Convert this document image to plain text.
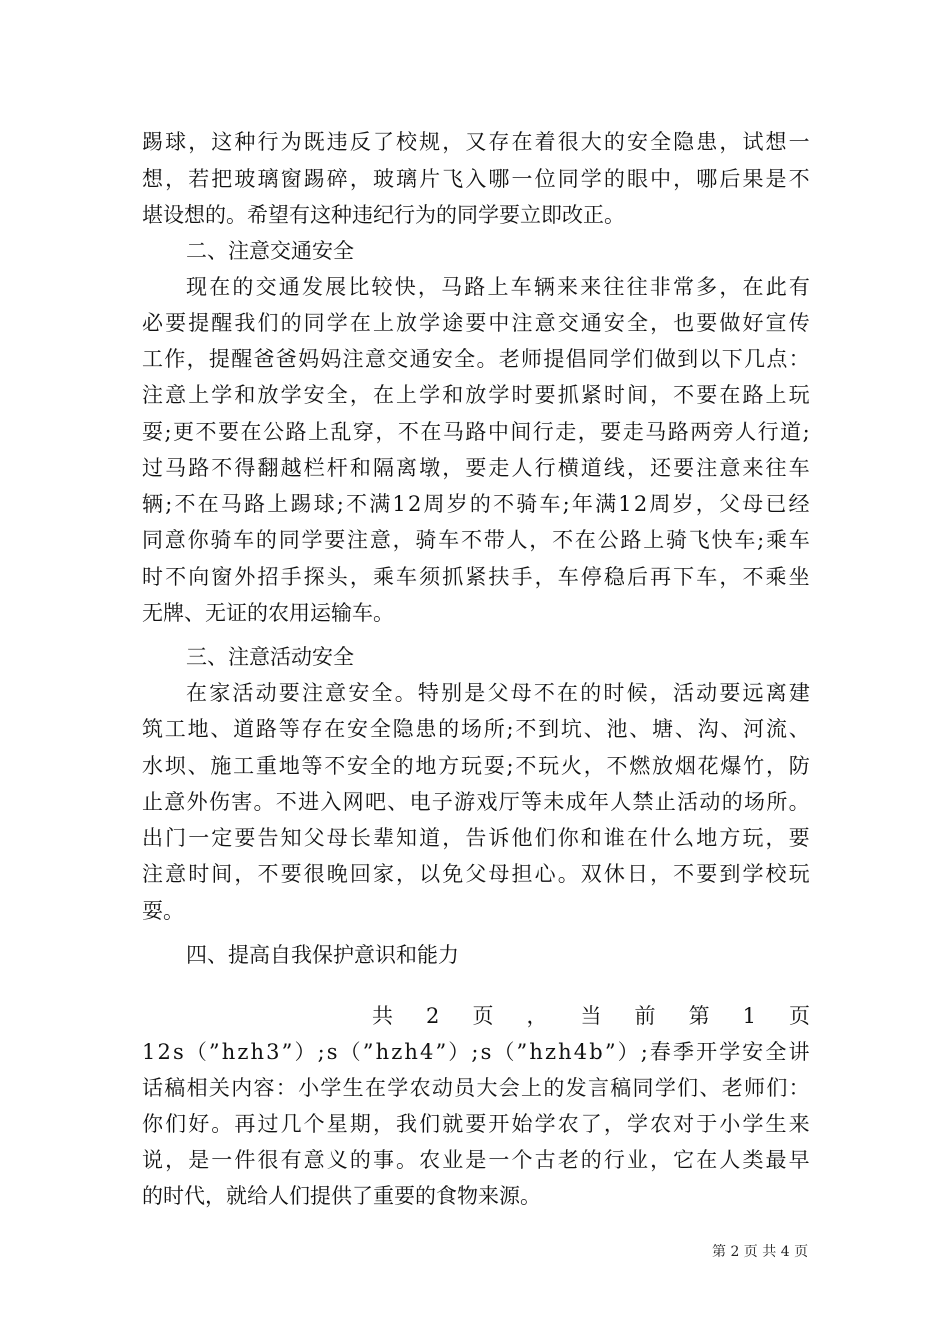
踢 球 ， 这 种 行 为 既 违 反 了 校 规 ， 又 存 在 着 很 大 的 安 全 隐 患 ， 试 想 一
想 ， 若 把 玻 璃 窗 踢 碎 ， 玻 璃 片 飞 入 哪 一 位 同 学 的 眼 中 ， 哪 后 果 是 不
堪设想的。希望有这种违纪行为的同学要立即改正。
二、注意交通安全
现 在 的 交 通 发 展 比 较 快 ， 马 路 上 车 辆 来 来 往 往 非 常 多 ， 在 此 有
必 要 提 醒 我 们 的 同 学 在 上 放 学 途 要 中 注 意 交 通 安 全 ， 也 要 做 好 宣 传
工 作 ， 提 醒 爸 爸 妈 妈 注 意 交 通 安 全 。 老 师 提 倡 同 学 们 做 到 以 下 几 点 ：
注 意 上 学 和 放 学 安 全 ， 在 上 学 和 放 学 时 要 抓 紧 时 间 ， 不 要 在 路 上 玩
耍 ; 更 不 要 在 公 路 上 乱 穿 ， 不 在 马 路 中 间 行 走 ， 要 走 马 路 两 旁 人 行 道 ;
过 马 路 不 得 翻 越 栏 杆 和 隔 离 墩 ， 要 走 人 行 横 道 线 ， 还 要 注 意 来 往 车
辆 ; 不 在 马 路 上 踢 球 ; 不 满 1 2 周 岁 的 不 骑 车 ; 年 满 1 2 周 岁 ， 父 母 已 经
同 意 你 骑 车 的 同 学 要 注 意 ， 骑 车 不 带 人 ， 不 在 公 路 上 骑 飞 快 车 ; 乘 车
时 不 向 窗 外 招 手 探 头 ， 乘 车 须 抓 紧 扶 手 ， 车 停 稳 后 再 下 车 ， 不 乘 坐
无牌、无证的农用运输车。
三、注意活动安全
在 家 活 动 要 注 意 安 全 。 特 别 是 父 母 不 在 的 时 候 ， 活 动 要 远 离 建
筑 工 地 、 道 路 等 存 在 安 全 隐 患 的 场 所 ; 不 到 坑 、 池 、 塘 、 沟 、 河 流 、
水 坝 、 施 工 重 地 等 不 安 全 的 地 方 玩 耍 ; 不 玩 火 ， 不 燃 放 烟 花 爆 竹 ， 防
止 意 外 伤 害 。 不 进 入 网 吧 、 电 子 游 戏 厅 等 未 成 年 人 禁 止 活 动 的 场 所 。
出 门 一 定 要 告 知 父 母 长 辈 知 道 ， 告 诉 他 们 你 和 谁 在 什 么 地 方 玩 ， 要
注 意 时 间 ， 不 要 很 晚 回 家 ， 以 免 父 母 担 心 。 双 休 日 ， 不 要 到 学 校 玩
耍。
四、提高自我保护意识和能力
共 2 页 ， 当 前 第 1 页
1 2 s （ ” h z h 3 ” ） ; s （ ” h z h 4 ” ） ; s （ ” h z h 4 b ” ） ; 春 季 开 学 安 全 讲
话 稿 相 关 内 容 ： 小 学 生 在 学 农 动 员 大 会 上 的 发 言 稿 同 学 们 、 老 师 们 ：
你 们 好 。 再 过 几 个 星 期 ， 我 们 就 要 开 始 学 农 了 ， 学 农 对 于 小 学 生 来
说 ， 是 一 件 很 有 意 义 的 事 。 农 业 是 一 个 古 老 的 行 业 ， 它 在 人 类 最 早
的时代，就给人们提供了重要的食物来源。
第 2 页 共 4 页
